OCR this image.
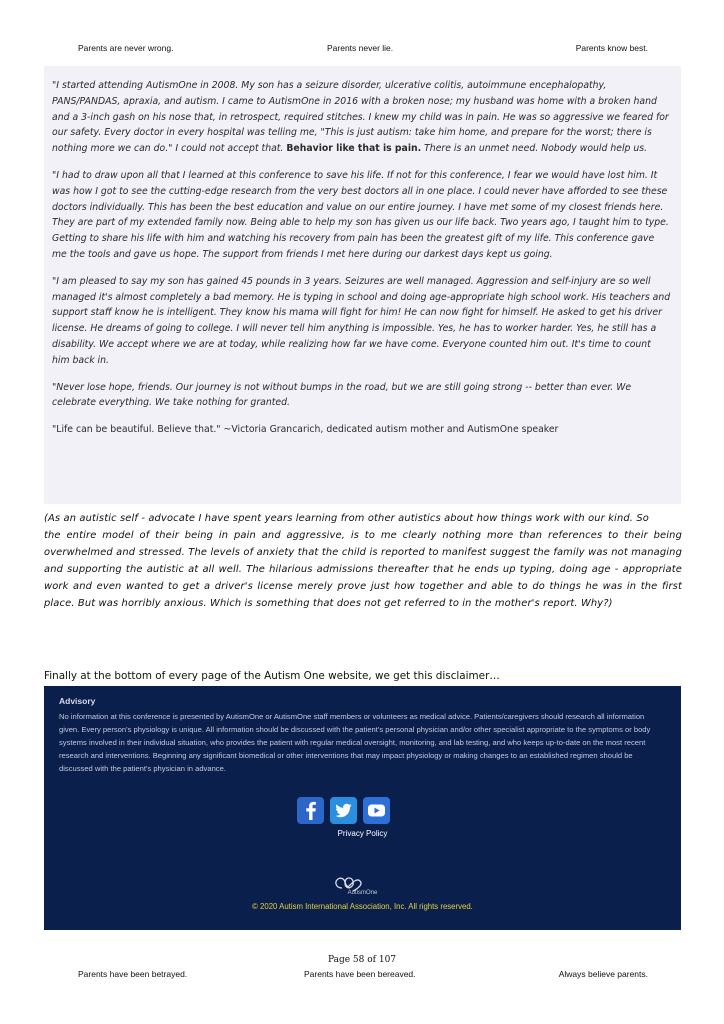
Parents are never wrong.	Parents never lie.	Parents know best.

"I started attending AutismOne in 2008. My son has a seizure disorder, ulcerative colitis, autoimmune encephalopathy, PANS/PANDAS, apraxia, and autism. I came to AutismOne in 2016 with a broken nose; my husband was home with a broken hand and a 3-inch gash on his nose that, in retrospect, required stitches. I knew my child was in pain. He was so aggressive we feared for our safety. Every doctor in every hospital was telling me, "This is just autism: take him home, and prepare for the worst; there is nothing more we can do." I could not accept that. Behavior like that is pain. There is an unmet need. Nobody would help us.

"I had to draw upon all that I learned at this conference to save his life. If not for this conference, I fear we would have lost him. It was how I got to see the cutting-edge research from the very best doctors all in one place. I could never have afforded to see these doctors individually. This has been the best education and value on our entire journey. I have met some of my closest friends here. They are part of my extended family now. Being able to help my son has given us our life back. Two years ago, I taught him to type. Getting to share his life with him and watching his recovery from pain has been the greatest gift of my life. This conference gave me the tools and gave us hope. The support from friends I met here during our darkest days kept us going.

"I am pleased to say my son has gained 45 pounds in 3 years. Seizures are well managed. Aggression and self-injury are so well managed it's almost completely a bad memory. He is typing in school and doing age-appropriate high school work. His teachers and support staff know he is intelligent. They know his mama will fight for him! He can now fight for himself. He asked to get his driver license. He dreams of going to college. I will never tell him anything is impossible. Yes, he has to worker harder. Yes, he still has a disability. We accept where we are at today, while realizing how far we have come. Everyone counted him out. It's time to count him back in.

"Never lose hope, friends. Our journey is not without bumps in the road, but we are still going strong -- better than ever. We celebrate everything. We take nothing for granted.

"Life can be beautiful. Believe that." ~Victoria Grancarich, dedicated autism mother and AutismOne speaker

(As an autistic self - advocate I have spent years learning from other autistics about how things work with our kind. So
the entire model of their being in pain and aggressive, is to me clearly nothing more than references to their being overwhelmed and stressed. The levels of anxiety that the child is reported to manifest suggest the family was not managing and supporting the autistic at all well. The hilarious admissions thereafter that he ends up typing, doing age - appropriate work and even wanted to get a driver's license merely prove just how together and able to do things he was in the first place. But was horribly anxious. Which is something that does not get referred to in the mother's report. Why?)
Finally at the bottom of every page of the Autism One website, we get this disclaimer…
Advisory
No information at this conference is presented by AutismOne or AutismOne staff members or volunteers as medical advice. Patients/caregivers should research all information given. Every person's physiology is unique. All information should be discussed with the patient's personal physician and/or other specialist appropriate to the symptoms or body systems involved in their individual situation, who provides the patient with regular medical oversight, monitoring, and lab testing, and who keeps up-to-date on the most recent research and interventions. Beginning any significant biomedical or other interventions that may impact physiology or making changes to an established regimen should be discussed with the patient's physician in advance.
Privacy Policy
AutismOne
© 2020 Autism International Association, Inc. All rights reserved.
Page 58 of 107
Parents have been betrayed.	Parents have been bereaved.	Always believe parents.
